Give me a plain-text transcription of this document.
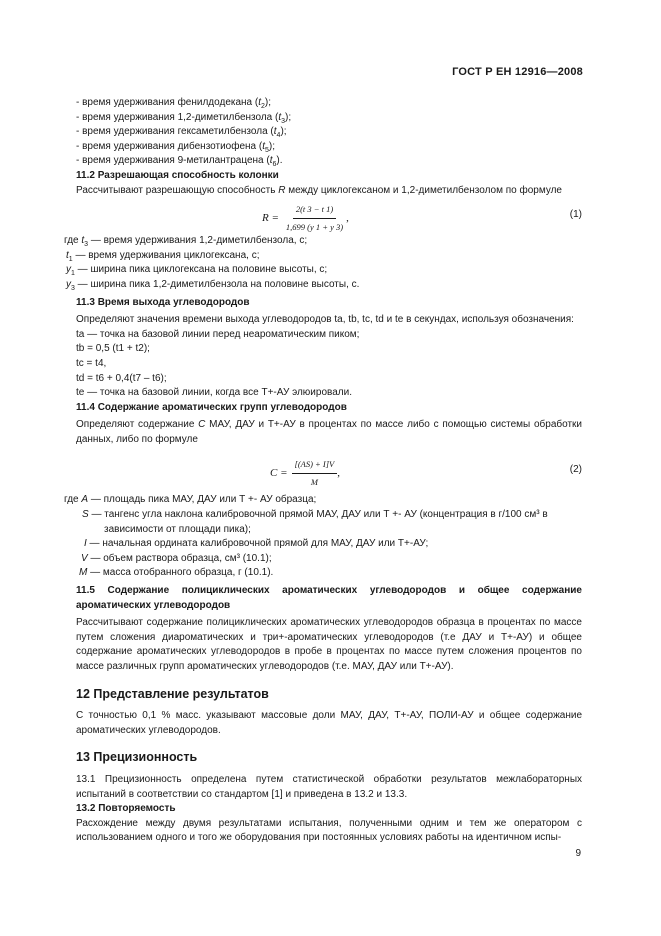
ГОСТ Р ЕН 12916—2008

- время удерживания фенилдодекана $(t_2)$;

- время удерживания 1,2-диметилбензола $(t_3)$;

- время удерживания гексаметилбензола $(t_4)$;

- время удерживания дибензотиофена $(t_5)$;

- время удерживания 9-метилантрацена $(t_6)$.

11.2 Разрешающая способность колонки

Рассчитывают разрешающую способность R между циклогексаном и 1,2-диметилбензолом по формуле

$R = \frac{2(t 3 - t 1)}{1,699 (y 1 + y 3)}$ ,	(1)

где $t_3$ — время удерживания 1,2-диметилбензола, с;

$t_1$ — время удерживания циклогексана, с;

$y_1$ — ширина пика циклогексана на половине высоты, с;

$y_3$ — ширина пика 1,2-диметилбензола на половине высоты, с.

11.3 Время выхода углеводородов

Определяют значения времени выхода углеводородов ta, tb, tc, td и te в секундах, используя обозначения:

ta — точка на базовой линии перед неароматическим пиком;

tb = 0,5 (t1 + t2);

tc = t4,

td = t6 + 0,4(t7 – t6);

te — точка на базовой линии, когда все Т+-АУ элюировали.

11.4 Содержание ароматических групп углеводородов

Определяют содержание C МАУ, ДАУ и Т+-АУ в процентах по массе либо с помощью системы обработки данных, либо по формуле

$C = \frac{[(AS) + I]V}{M}$ ,	(2)

где A — площадь пика МАУ, ДАУ или Т +- АУ образца;

S — тангенс угла наклона калибровочной прямой МАУ, ДАУ или Т +- АУ (концентрация в г/100 см³ в

зависимости от площади пика);

I — начальная ордината калибровочной прямой для МАУ, ДАУ или Т+-АУ;

V — объем раствора образца, см³ (10.1);

M — масса отобранного образца, г (10.1).

11.5 Содержание полициклических ароматических углеводородов и общее содержание ароматических углеводородов

Рассчитывают содержание полициклических ароматических углеводородов образца в процентах по массе путем сложения диароматических и три+-ароматических углеводородов (т.е ДАУ и Т+-АУ) и общее содержание ароматических углеводородов в пробе в процентах по массе путем сложения процентов по массе различных групп ароматических углеводородов (т.е. МАУ, ДАУ или Т+-АУ).

12 Представление результатов

С точностью 0,1 % масс. указывают массовые доли МАУ, ДАУ, Т+-АУ, ПОЛИ-АУ и общее содержание ароматических углеводородов.

13 Прецизионность

13.1 Прецизионность определена путем статистической обработки результатов межлабораторных испытаний в соответствии со стандартом [1] и приведена в 13.2 и 13.3.

13.2 Повторяемость

Расхождение между двумя результатами испытания, полученными одним и тем же оператором с использованием одного и того же оборудования при постоянных условиях работы на идентичном испы-

9
